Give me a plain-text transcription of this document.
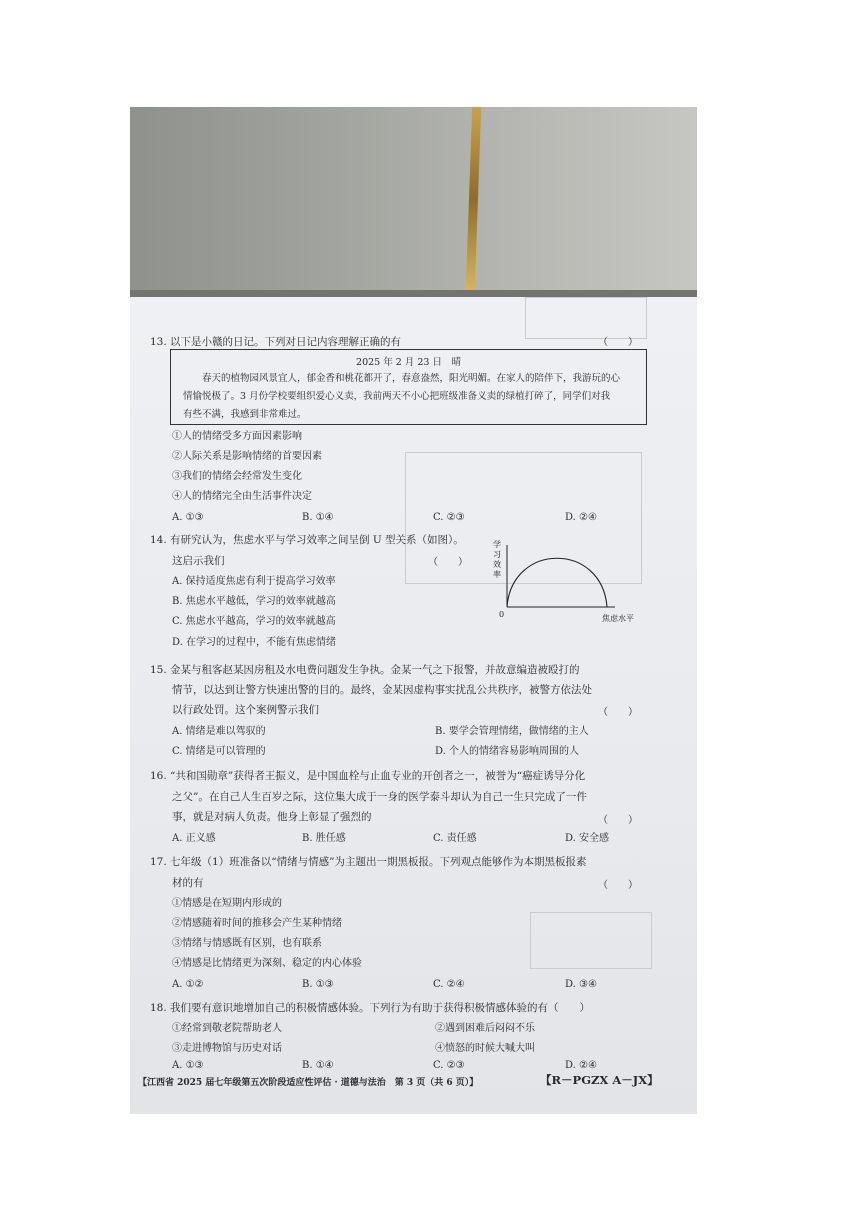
13. 以下是小赣的日记。下列对日记内容理解正确的有	（　　）
2025 年 2 月 23 日　晴
　　春天的植物园风景宜人，郁金香和桃花都开了，春意盎然，阳光明媚。在家人的陪伴下，我游玩的心
情愉悦极了。3 月份学校要组织爱心义卖，我前两天不小心把班级准备义卖的绿植打碎了，同学们对我
有些不满，我感到非常难过。
①人的情绪受多方面因素影响
②人际关系是影响情绪的首要因素
③我们的情绪会经常发生变化
④人的情绪完全由生活事件决定
A. ①③	B. ①④	C. ②③	D. ②④
14. 有研究认为，焦虑水平与学习效率之间呈倒 U 型关系（如图）。
这启示我们	（　　）
A. 保持适度焦虑有利于提高学习效率
B. 焦虑水平越低，学习的效率就越高
C. 焦虑水平越高，学习的效率就越高
D. 在学习的过程中，不能有焦虑情绪
学
习
效
率
焦虑水平
0
15. 金某与租客赵某因房租及水电费问题发生争执。金某一气之下报警，并故意编造被殴打的
情节，以达到让警方快速出警的目的。最终，金某因虚构事实扰乱公共秩序，被警方依法处
以行政处罚。这个案例警示我们	（　　）
A. 情绪是难以驾驭的	B. 要学会管理情绪，做情绪的主人
C. 情绪是可以管理的	D. 个人的情绪容易影响周围的人
16. “共和国勋章”获得者王振义，是中国血栓与止血专业的开创者之一，被誉为“癌症诱导分化
之父”。在自己人生百岁之际，这位集大成于一身的医学泰斗却认为自己一生只完成了一件
事，就是对病人负责。他身上彰显了强烈的	（　　）
A. 正义感	B. 胜任感	C. 责任感	D. 安全感
17. 七年级（1）班准备以“情绪与情感”为主题出一期黑板报。下列观点能够作为本期黑板报素
材的有	（　　）
①情感是在短期内形成的
②情感随着时间的推移会产生某种情绪
③情绪与情感既有区别，也有联系
④情感是比情绪更为深刻、稳定的内心体验
A. ①②	B. ①③	C. ②④	D. ③④
18. 我们要有意识地增加自己的积极情感体验。下列行为有助于获得积极情感体验的有（　　）
①经常到敬老院帮助老人	②遇到困难后闷闷不乐
③走进博物馆与历史对话	④愤怒的时候大喊大叫
A. ①③
【江西省 2025 届七年级第五次阶段适应性评估 · 道德与法治　第 3 页（共 6 页）】	【R－PGZX A－JX】
B. ①④	C. ②③	D. ②④
